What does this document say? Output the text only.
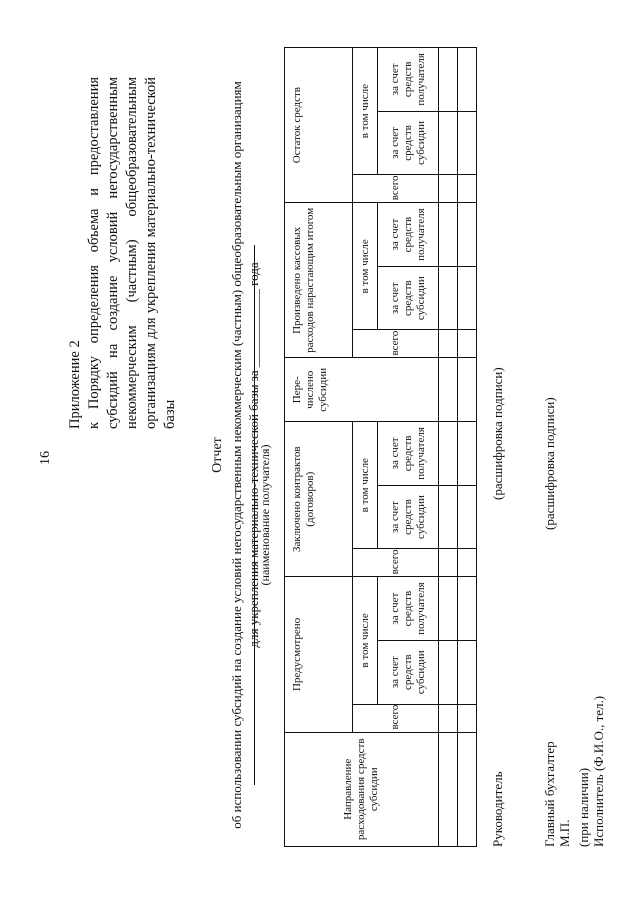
16
Приложение 2 к Порядку определения объема и предоставления субсидий на создание условий негосударственным некоммерческим (частным) общеобразовательным организациям для укрепления материально-технической базы
Отчет об использовании субсидий на создание условий негосударственным некоммерческим (частным) общеобразовательным организациям для укрепления материально-технической базы за ____________ года
(наименование получателя)
Направление расходования средств субсидии	Предусмотрено			Заключено контрактов (договоров)			Пере-числено субсидии	Произведено кассовых расходов нарастающим итогом			Остаток средств		
	всего	в том числе		всего	в том числе			всего	в том числе		всего	в том числе	
		за счет средств субсидии	за счет средств получателя		за счет средств субсидии	за счет средств получателя			за счет средств субсидии	за счет средств получателя		за счет средств субсидии	за счет средств получателя

Руководитель
(расшифровка подписи)
Главный бухгалтер
(расшифровка подписи)
М.П. (при наличии) Исполнитель (Ф.И.О., тел.)
